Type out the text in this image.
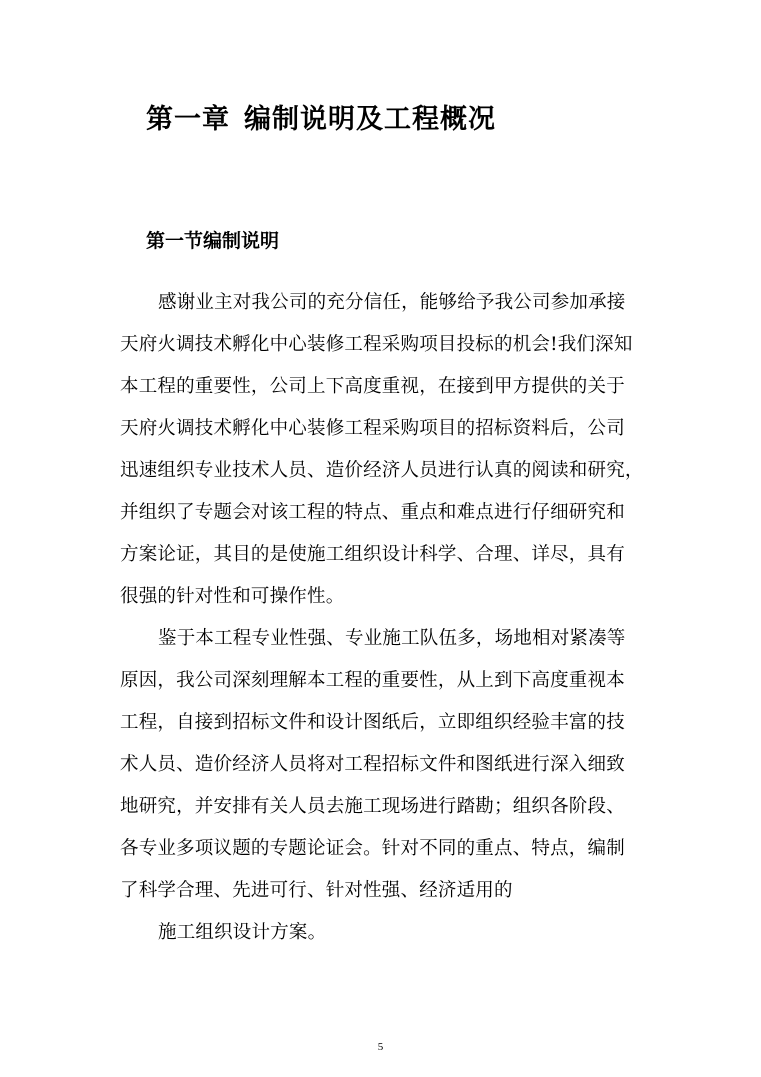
第一章 编制说明及工程概况
第一节编制说明

感谢业主对我公司的充分信任，能够给予我公司参加承接

天府火调技术孵化中心装修工程采购项目投标的机会!我们深知

本工程的重要性，公司上下高度重视，在接到甲方提供的关于

天府火调技术孵化中心装修工程采购项目的招标资料后，公司

迅速组织专业技术人员、造价经济人员进行认真的阅读和研究，

并组织了专题会对该工程的特点、重点和难点进行仔细研究和

方案论证，其目的是使施工组织设计科学、合理、详尽，具有

很强的针对性和可操作性。

鉴于本工程专业性强、专业施工队伍多，场地相对紧凑等

原因，我公司深刻理解本工程的重要性，从上到下高度重视本

工程，自接到招标文件和设计图纸后，立即组织经验丰富的技

术人员、造价经济人员将对工程招标文件和图纸进行深入细致

地研究，并安排有关人员去施工现场进行踏勘；组织各阶段、

各专业多项议题的专题论证会。针对不同的重点、特点，编制

了科学合理、先进可行、针对性强、经济适用的

施工组织设计方案。

5
